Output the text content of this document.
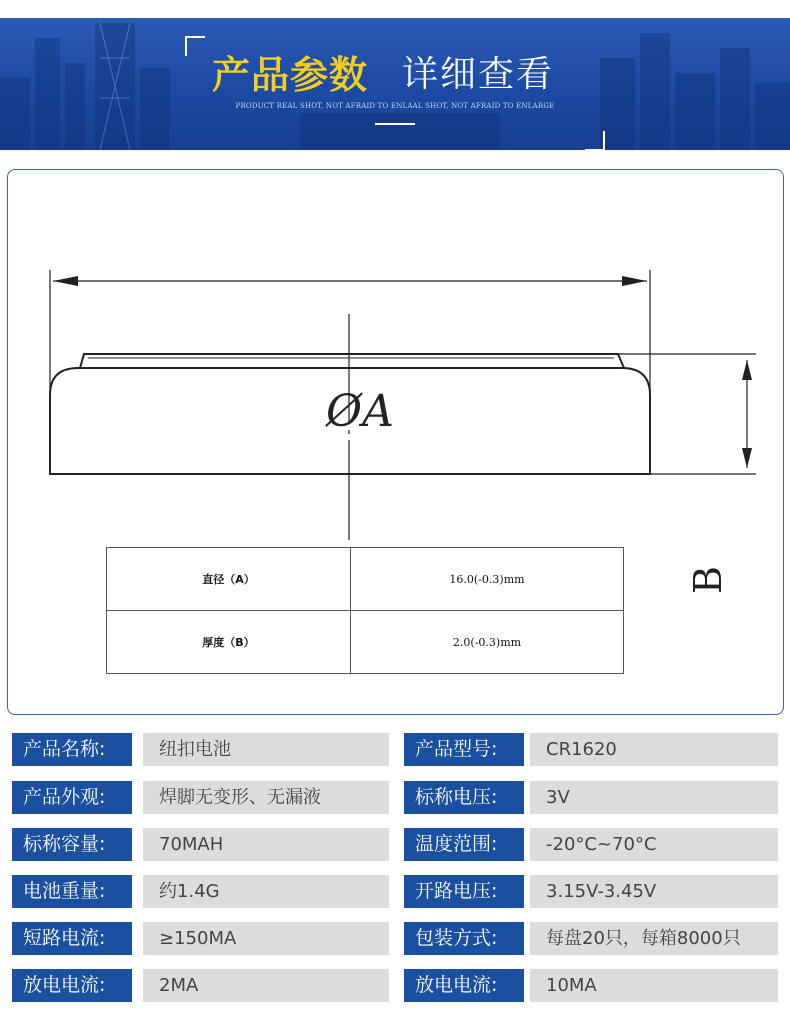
产品参数 详细查看
PRODUCT REAL SHOT, NOT AFRAID TO ENLAAL SHOT, NOT AFRAID TO ENLARGE
ØA
B
直径（A）	16.0(-0.3)mm
厚度（B）	2.0(-0.3)mm
产品名称:	纽扣电池	产品型号:	CR1620
产品外观:	焊脚无变形、无漏液	标称电压:	3V
标称容量:	70MAH	温度范围:	-20°C~70°C
电池重量:	约1.4G	开路电压:	3.15V-3.45V
短路电流:	≥150MA	包装方式:	每盘20只，每箱8000只
放电电流:	2MA	放电电流:	10MA
